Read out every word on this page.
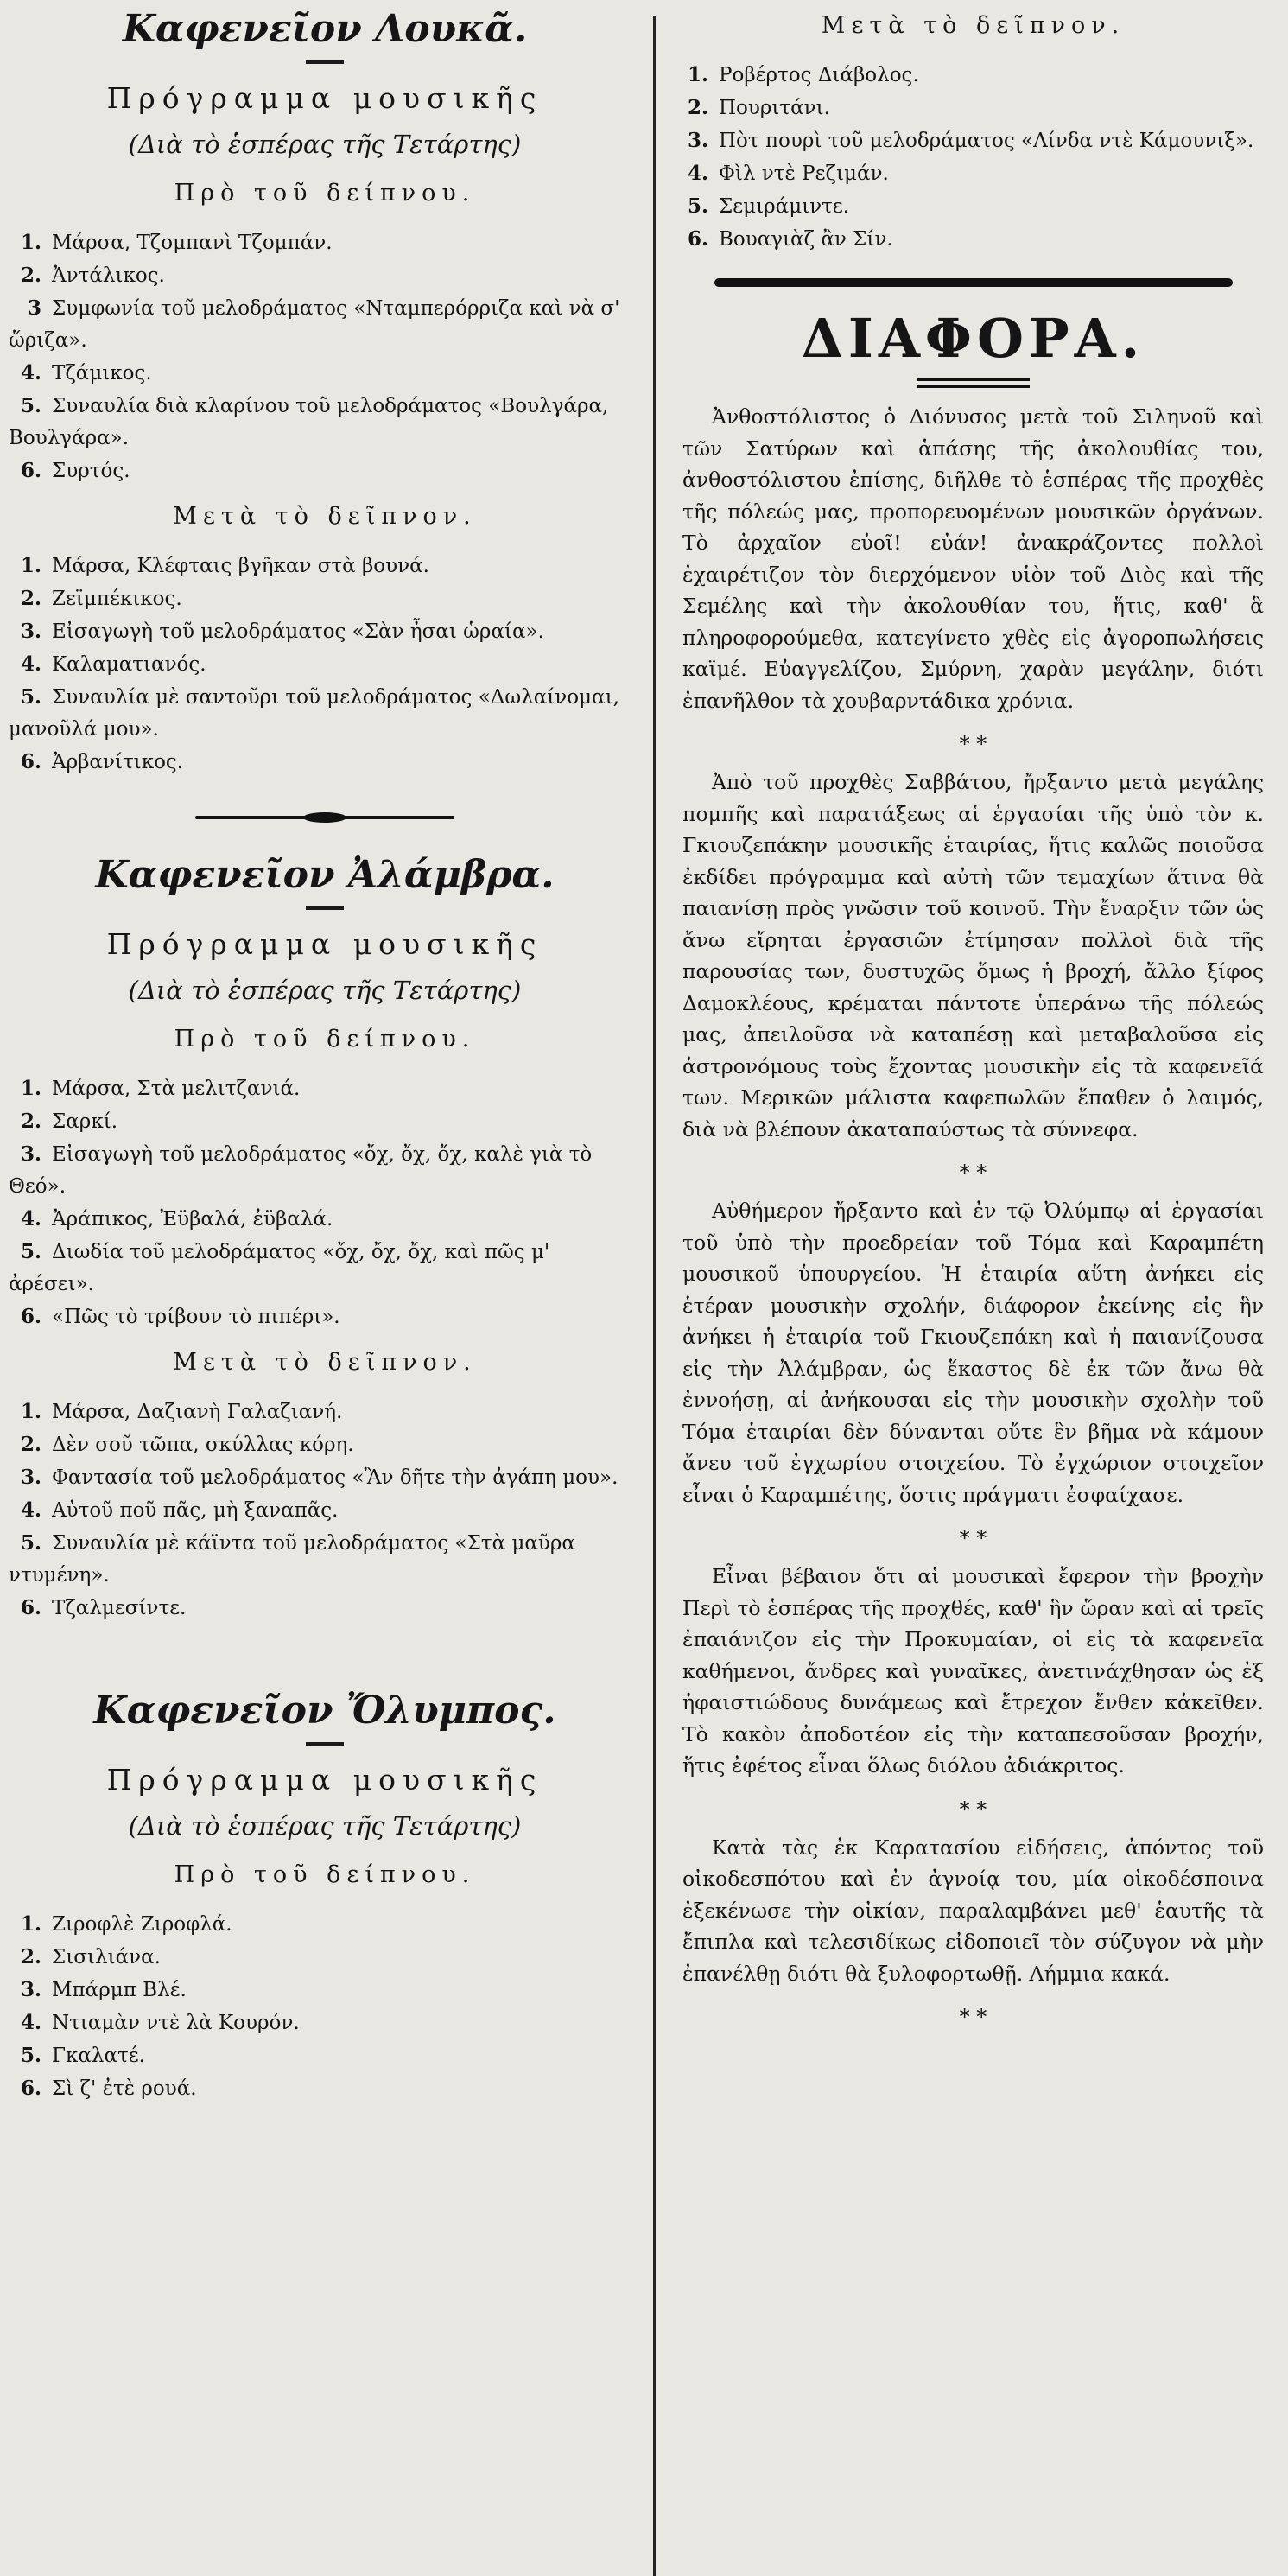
Καφενεῖον Λουκᾶ.
Πρόγραμμα μουσικῆς
(Διὰ τὸ ἑσπέρας τῆς Τετάρτης)
Πρὸ τοῦ δείπνου.
1. Μάρσα, Τζομπανὶ Τζομπάν.
2. Ἀντάλικος.
3 Συμφωνία τοῦ μελοδράματος «Νταμπερόρριζα καὶ νὰ σ' ὥριζα».
4. Τζάμικος.
5. Συναυλία διὰ κλαρίνου τοῦ μελοδράματος «Βουλγάρα, Βουλγάρα».
6. Συρτός.
Μετὰ τὸ δεῖπνον.
1. Μάρσα, Κλέφταις βγῆκαν στὰ βουνά.
2. Ζεϊμπέκικος.
3. Εἰσαγωγὴ τοῦ μελοδράματος «Σὰν ἦσαι ὡραία».
4. Καλαματιανός.
5. Συναυλία μὲ σαντοῦρι τοῦ μελοδράματος «Δωλαίνομαι, μανοῦλά μου».
6. Ἀρβανίτικος.
Καφενεῖον Ἀλάμβρα.
Πρόγραμμα μουσικῆς
(Διὰ τὸ ἑσπέρας τῆς Τετάρτης)
Πρὸ τοῦ δείπνου.
1. Μάρσα, Στὰ μελιτζανιά.
2. Σαρκί.
3. Εἰσαγωγὴ τοῦ μελοδράματος «ὄχ, ὄχ, ὄχ, καλὲ γιὰ τὸ Θεό».
4. Ἀράπικος, Ἐϋβαλά, ἐϋβαλά.
5. Διωδία τοῦ μελοδράματος «ὄχ, ὄχ, ὄχ, καὶ πῶς μ' ἀρέσει».
6. «Πῶς τὸ τρίβουν τὸ πιπέρι».
Μετὰ τὸ δεῖπνον.
1. Μάρσα, Δαζιανὴ Γαλαζιανή.
2. Δὲν σοῦ τῶπα, σκύλλας κόρη.
3. Φαντασία τοῦ μελοδράματος «Ἂν δῆτε τὴν ἀγάπη μου».
4. Αὐτοῦ ποῦ πᾶς, μὴ ξαναπᾶς.
5. Συναυλία μὲ κάϊντα τοῦ μελοδράματος «Στὰ μαῦρα ντυμένη».
6. Τζαλμεσίντε.
Καφενεῖον Ὄλυμπος.
Πρόγραμμα μουσικῆς
(Διὰ τὸ ἑσπέρας τῆς Τετάρτης)
Πρὸ τοῦ δείπνου.
1. Ζιροφλὲ Ζιροφλά.
2. Σισιλιάνα.
3. Μπάρμπ Βλέ.
4. Ντιαμὰν ντὲ λὰ Κουρόν.
5. Γκαλατέ.
6. Σὶ ζ' ἐτὲ ρουά.
Μετὰ τὸ δεῖπνον.
1. Ροβέρτος Διάβολος.
2. Πουριτάνι.
3. Πὸτ πουρὶ τοῦ μελοδράματος «Λίνδα ντὲ Κάμουνιξ».
4. Φὶλ ντὲ Ρεζιμάν.
5. Σεμιράμιντε.
6. Βουαγιὰζ ἂν Σίν.
ΔΙΑΦΟΡΑ.

Ἀνθοστόλιστος ὁ Διόνυσος μετὰ τοῦ Σιληνοῦ καὶ τῶν Σατύρων καὶ ἁπάσης τῆς ἀκολουθίας του, ἀνθοστόλιστου ἐπίσης, διῆλθε τὸ ἑσπέρας τῆς προχθὲς τῆς πόλεώς μας, προπορευομένων μουσικῶν ὀργάνων. Τὸ ἀρχαῖον εὐοῖ! εὐάν! ἀνακράζοντες πολλοὶ ἐχαιρέτιζον τὸν διερχόμενον υἱὸν τοῦ Διὸς καὶ τῆς Σεμέλης καὶ τὴν ἀκολουθίαν του, ἥτις, καθ' ἃ πληροφορούμεθα, κατεγίνετο χθὲς εἰς ἀγοροπωλήσεις καϊμέ. Εὐαγγελίζου, Σμύρνη, χαρὰν μεγάλην, διότι ἐπανῆλθον τὰ χουβαρντάδικα χρόνια.

* *

Ἀπὸ τοῦ προχθὲς Σαββάτου, ἤρξαντο μετὰ μεγάλης πομπῆς καὶ παρατάξεως αἱ ἐργασίαι τῆς ὑπὸ τὸν κ. Γκιουζεπάκην μουσικῆς ἑταιρίας, ἥτις καλῶς ποιοῦσα ἐκδίδει πρόγραμμα καὶ αὐτὴ τῶν τεμαχίων ἅτινα θὰ παιανίσῃ πρὸς γνῶσιν τοῦ κοινοῦ. Τὴν ἔναρξιν τῶν ὡς ἄνω εἴρηται ἐργασιῶν ἐτίμησαν πολλοὶ διὰ τῆς παρουσίας των, δυστυχῶς ὅμως ἡ βροχή, ἄλλο ξίφος Δαμοκλέους, κρέμαται πάντοτε ὑπεράνω τῆς πόλεώς μας, ἀπειλοῦσα νὰ καταπέσῃ καὶ μεταβαλοῦσα εἰς ἀστρονόμους τοὺς ἔχοντας μουσικὴν εἰς τὰ καφενεῖά των. Μερικῶν μάλιστα καφεπωλῶν ἔπαθεν ὁ λαιμός, διὰ νὰ βλέπουν ἀκαταπαύστως τὰ σύννεφα.

* *

Αὐθήμερον ἤρξαντο καὶ ἐν τῷ Ὀλύμπῳ αἱ ἐργασίαι τοῦ ὑπὸ τὴν προεδρείαν τοῦ Τόμα καὶ Καραμπέτη μουσικοῦ ὑπουργείου. Ἡ ἑταιρία αὕτη ἀνήκει εἰς ἑτέραν μουσικὴν σχολήν, διάφορον ἐκείνης εἰς ἣν ἀνήκει ἡ ἑταιρία τοῦ Γκιουζεπάκη καὶ ἡ παιανίζουσα εἰς τὴν Ἀλάμβραν, ὡς ἕκαστος δὲ ἐκ τῶν ἄνω θὰ ἐννοήσῃ, αἱ ἀνήκουσαι εἰς τὴν μουσικὴν σχολὴν τοῦ Τόμα ἑταιρίαι δὲν δύνανται οὔτε ἓν βῆμα νὰ κάμουν ἄνευ τοῦ ἐγχωρίου στοιχείου. Τὸ ἐγχώριον στοιχεῖον εἶναι ὁ Καραμπέτης, ὅστις πράγματι ἐσφαίχασε.

* *

Εἶναι βέβαιον ὅτι αἱ μουσικαὶ ἔφερον τὴν βροχὴν Περὶ τὸ ἑσπέρας τῆς προχθές, καθ' ἣν ὥραν καὶ αἱ τρεῖς ἐπαιάνιζον εἰς τὴν Προκυμαίαν, οἱ εἰς τὰ καφενεῖα καθήμενοι, ἄνδρες καὶ γυναῖκες, ἀνετινάχθησαν ὡς ἐξ ἠφαιστιώδους δυνάμεως καὶ ἔτρεχον ἔνθεν κἀκεῖθεν. Τὸ κακὸν ἀποδοτέον εἰς τὴν καταπεσοῦσαν βροχήν, ἥτις ἐφέτος εἶναι ὅλως διόλου ἀδιάκριτος.

* *

Κατὰ τὰς ἐκ Καρατασίου εἰδήσεις, ἀπόντος τοῦ οἰκοδεσπότου καὶ ἐν ἀγνοίᾳ του, μία οἰκοδέσποινα ἐξεκένωσε τὴν οἰκίαν, παραλαμβάνει μεθ' ἑαυτῆς τὰ ἔπιπλα καὶ τελεσιδίκως εἰδοποιεῖ τὸν σύζυγον νὰ μὴν ἐπανέλθῃ διότι θὰ ξυλοφορτωθῇ. Λήμμια κακά.

* *
